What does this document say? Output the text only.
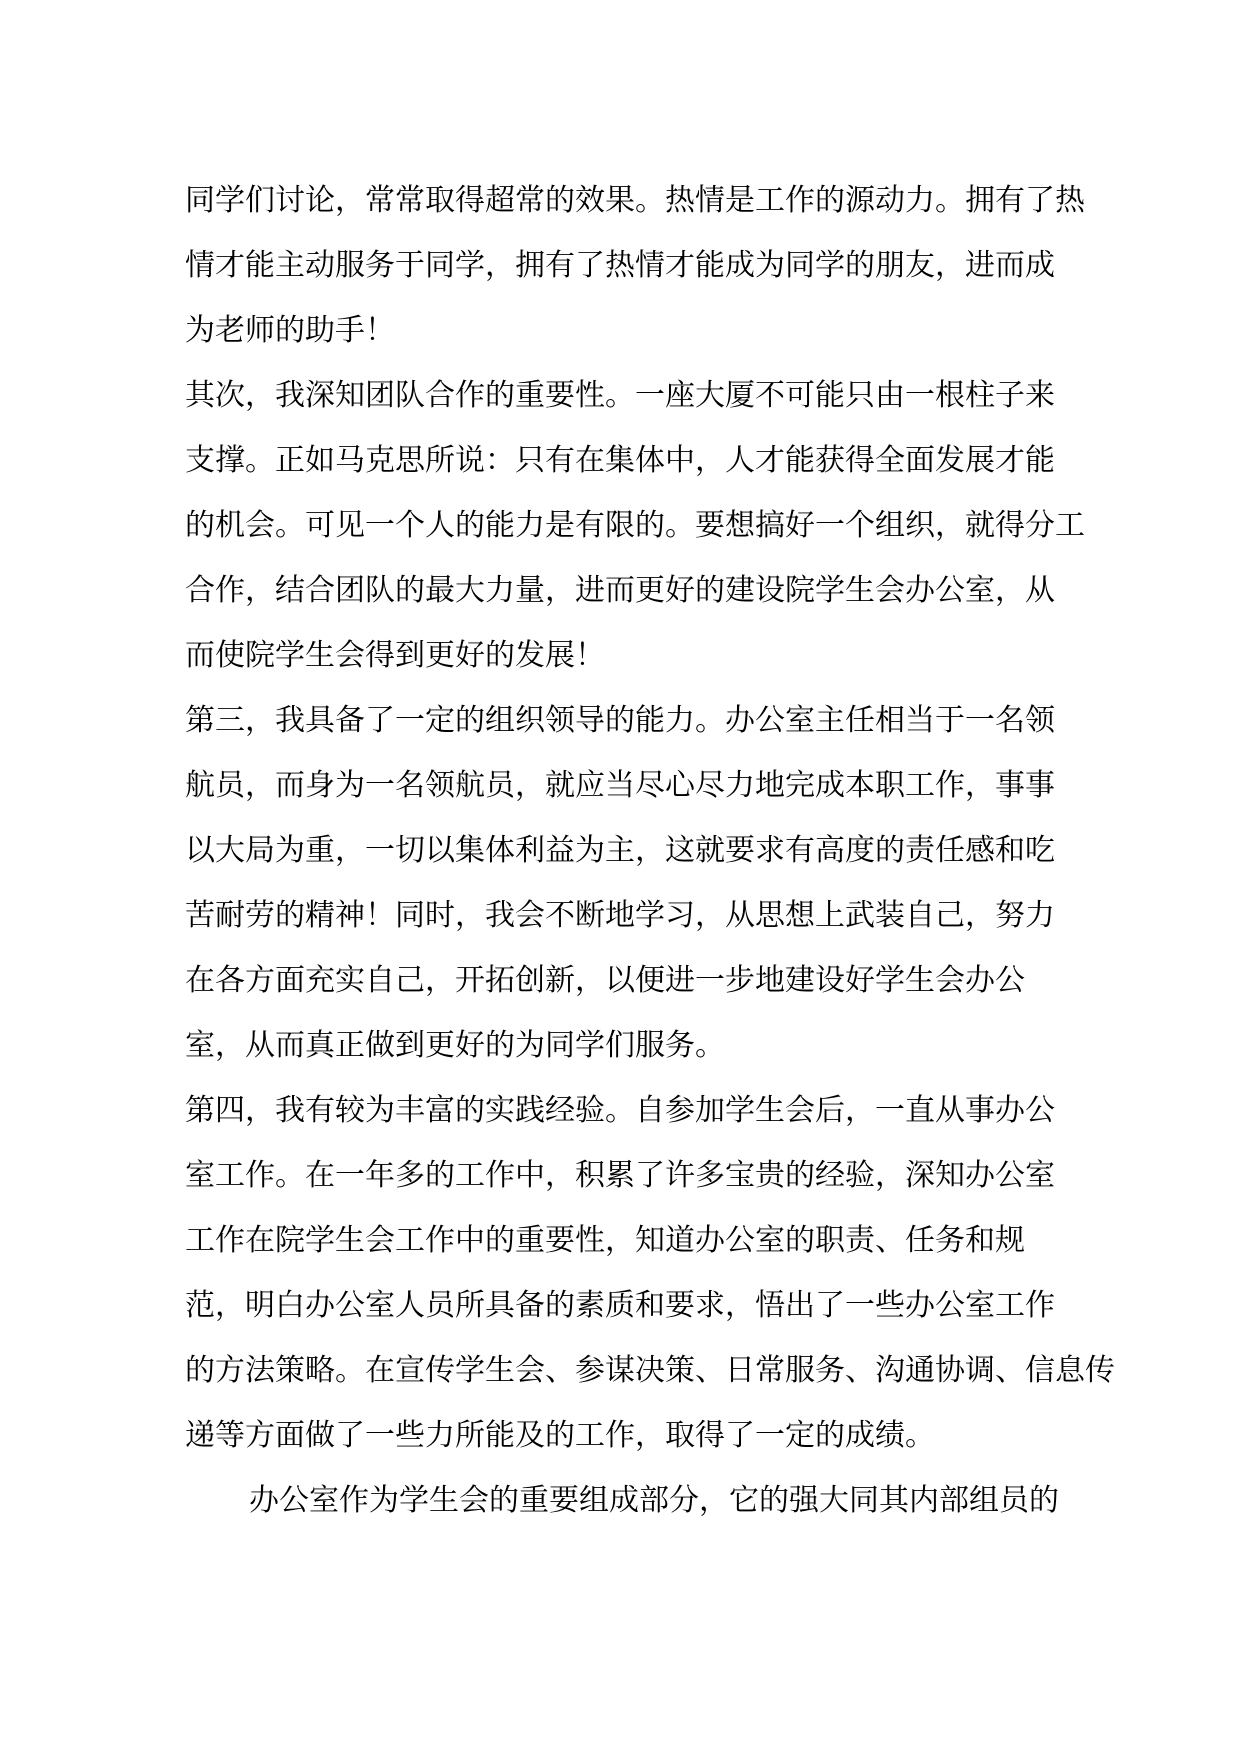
同学们讨论，常常取得超常的效果。热情是工作的源动力。拥有了热
情才能主动服务于同学，拥有了热情才能成为同学的朋友，进而成
为老师的助手！
其次，我深知团队合作的重要性。一座大厦不可能只由一根柱子来
支撑。正如马克思所说：只有在集体中，人才能获得全面发展才能
的机会。可见一个人的能力是有限的。要想搞好一个组织，就得分工
合作，结合团队的最大力量，进而更好的建设院学生会办公室，从
而使院学生会得到更好的发展！
第三，我具备了一定的组织领导的能力。办公室主任相当于一名领
航员，而身为一名领航员，就应当尽心尽力地完成本职工作，事事
以大局为重，一切以集体利益为主，这就要求有高度的责任感和吃
苦耐劳的精神！同时，我会不断地学习，从思想上武装自己，努力
在各方面充实自己，开拓创新，以便进一步地建设好学生会办公
室，从而真正做到更好的为同学们服务。
第四，我有较为丰富的实践经验。自参加学生会后，一直从事办公
室工作。在一年多的工作中，积累了许多宝贵的经验，深知办公室
工作在院学生会工作中的重要性，知道办公室的职责、任务和规
范，明白办公室人员所具备的素质和要求，悟出了一些办公室工作
的方法策略。在宣传学生会、参谋决策、日常服务、沟通协调、信息传
递等方面做了一些力所能及的工作，取得了一定的成绩。
办公室作为学生会的重要组成部分，它的强大同其内部组员的
